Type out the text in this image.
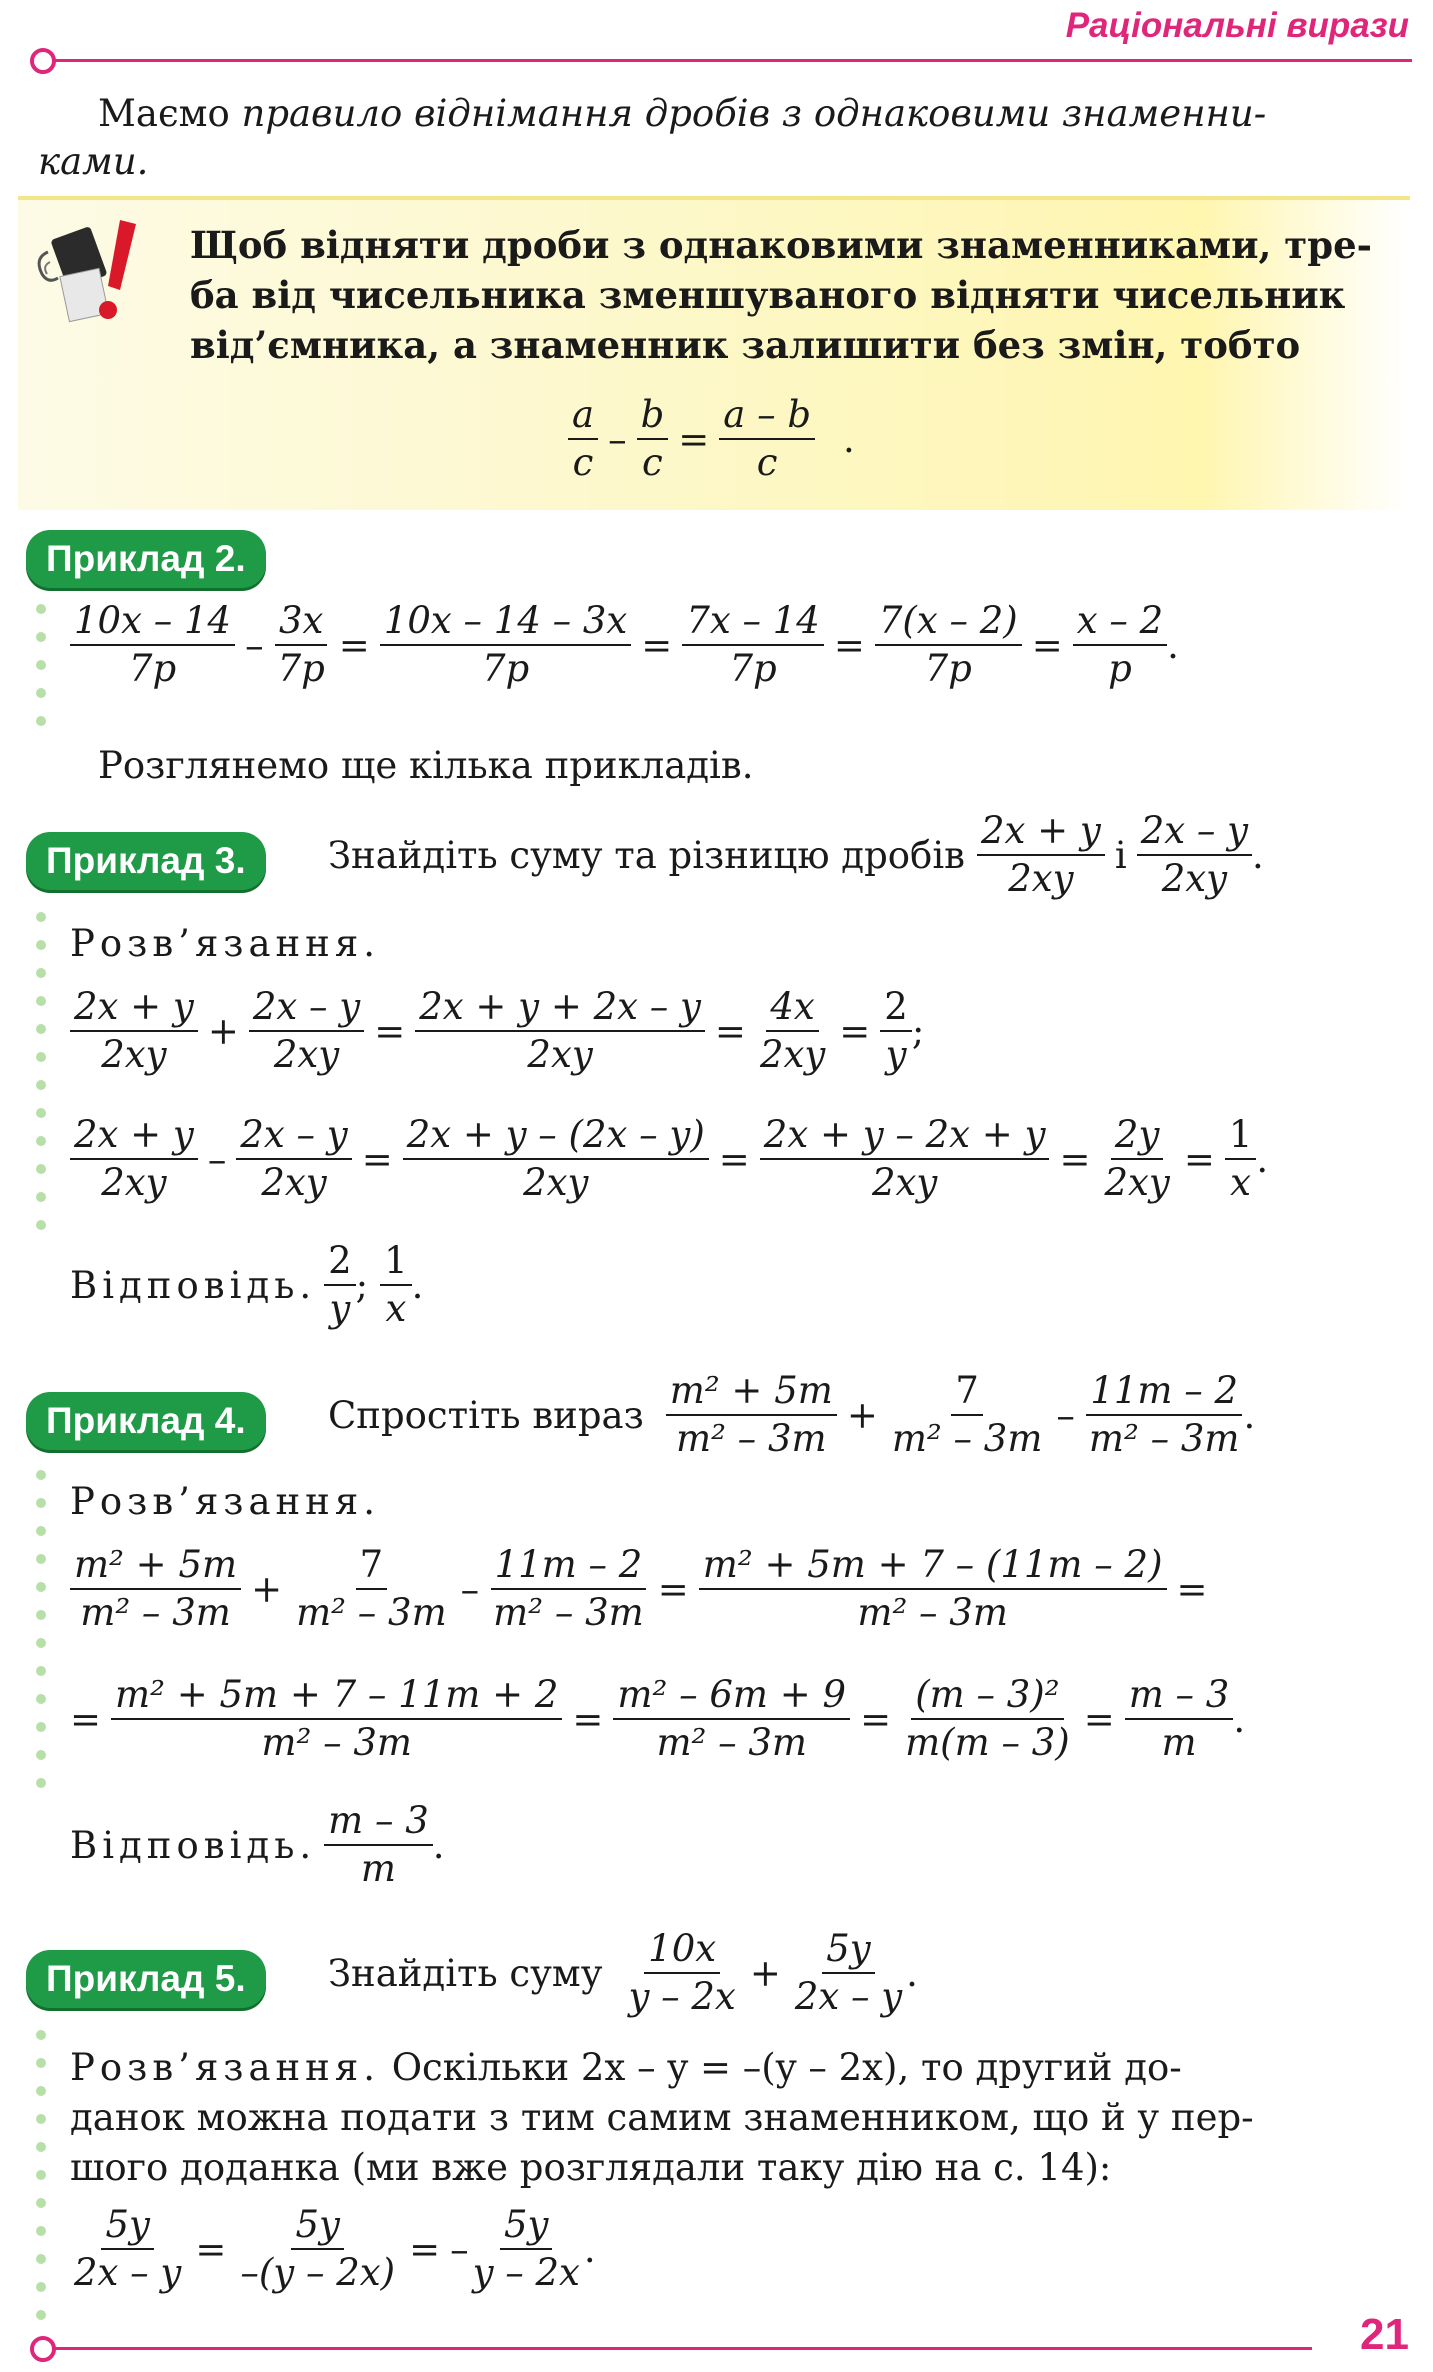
Раціональні вирази
Маємо правило віднімання дробів з однаковими знаменни-
ками.

Щоб відняти дроби з однаковими знаменниками, тре-

ба від чисельника зменшуваного відняти чисельник

від’ємника, а знаменник залишити без змін, тобто

$\frac{a}{c} - \frac{b}{c} = \frac{a - b}{c}$ .
Приклад 2.
$\frac{10x - 14}{7p} - \frac{3x}{7p} = \frac{10x - 14 - 3x}{7p} = \frac{7x - 14}{7p} = \frac{7(x - 2)}{7p} = \frac{x - 2}{p}$ .
Розглянемо ще кілька прикладів.
Приклад 3.	Знайдіть суму та різницю дробів $\frac{2x + y}{2xy}$ і $\frac{2x - y}{2xy}$ .
Розв’язання.
$\frac{2x + y}{2xy} + \frac{2x - y}{2xy} = \frac{2x + y + 2x - y}{2xy} = \frac{4x}{2xy} = \frac{2}{y}$ ;
$\frac{2x + y}{2xy} - \frac{2x - y}{2xy} = \frac{2x + y - (2x - y)}{2xy} = \frac{2x + y - 2x + y}{2xy} = \frac{2y}{2xy} = \frac{1}{x}$ .
Відповідь. $\frac{2}{y}$ ; $\frac{1}{x}$ .
Приклад 4.	Спростіть вираз $\frac{\text{m² + 5m}}{\text{m² – 3m}} + \frac{7}{\text{m² – 3m}} - \frac{11m - 2}{\text{m² – 3m}}$ .
Розв’язання.
$\frac{\text{m² + 5m}}{\text{m² – 3m}} + \frac{7}{\text{m² – 3m}} - \frac{11m - 2}{\text{m² – 3m}} = \frac{\text{m² + 5m + 7 – (11m – 2)}}{\text{m² – 3m}}$ =
= $\frac{\text{m² + 5m + 7 – 11m + 2}}{\text{m² – 3m}} = \frac{\text{m² – 6m + 9}}{\text{m² – 3m}} = \frac{\text{(m – 3)²}}{m(m - 3)} = \frac{m - 3}{m}$ .
Відповідь. $\frac{m - 3}{m}$ .
Приклад 5.	Знайдіть суму $\frac{10x}{y - 2x} + \frac{5y}{2x - y}$ .
Розв’язання. Оскільки 2x – y = –(y – 2x), то другий до-
данок можна подати з тим самим знаменником, що й у пер-
шого доданка (ми вже розглядали таку дію на с. 14):
$\frac{5y}{2x - y} = \frac{5y}{-(y - 2x)}$ = – $\frac{5y}{y - 2x}$ .
21
